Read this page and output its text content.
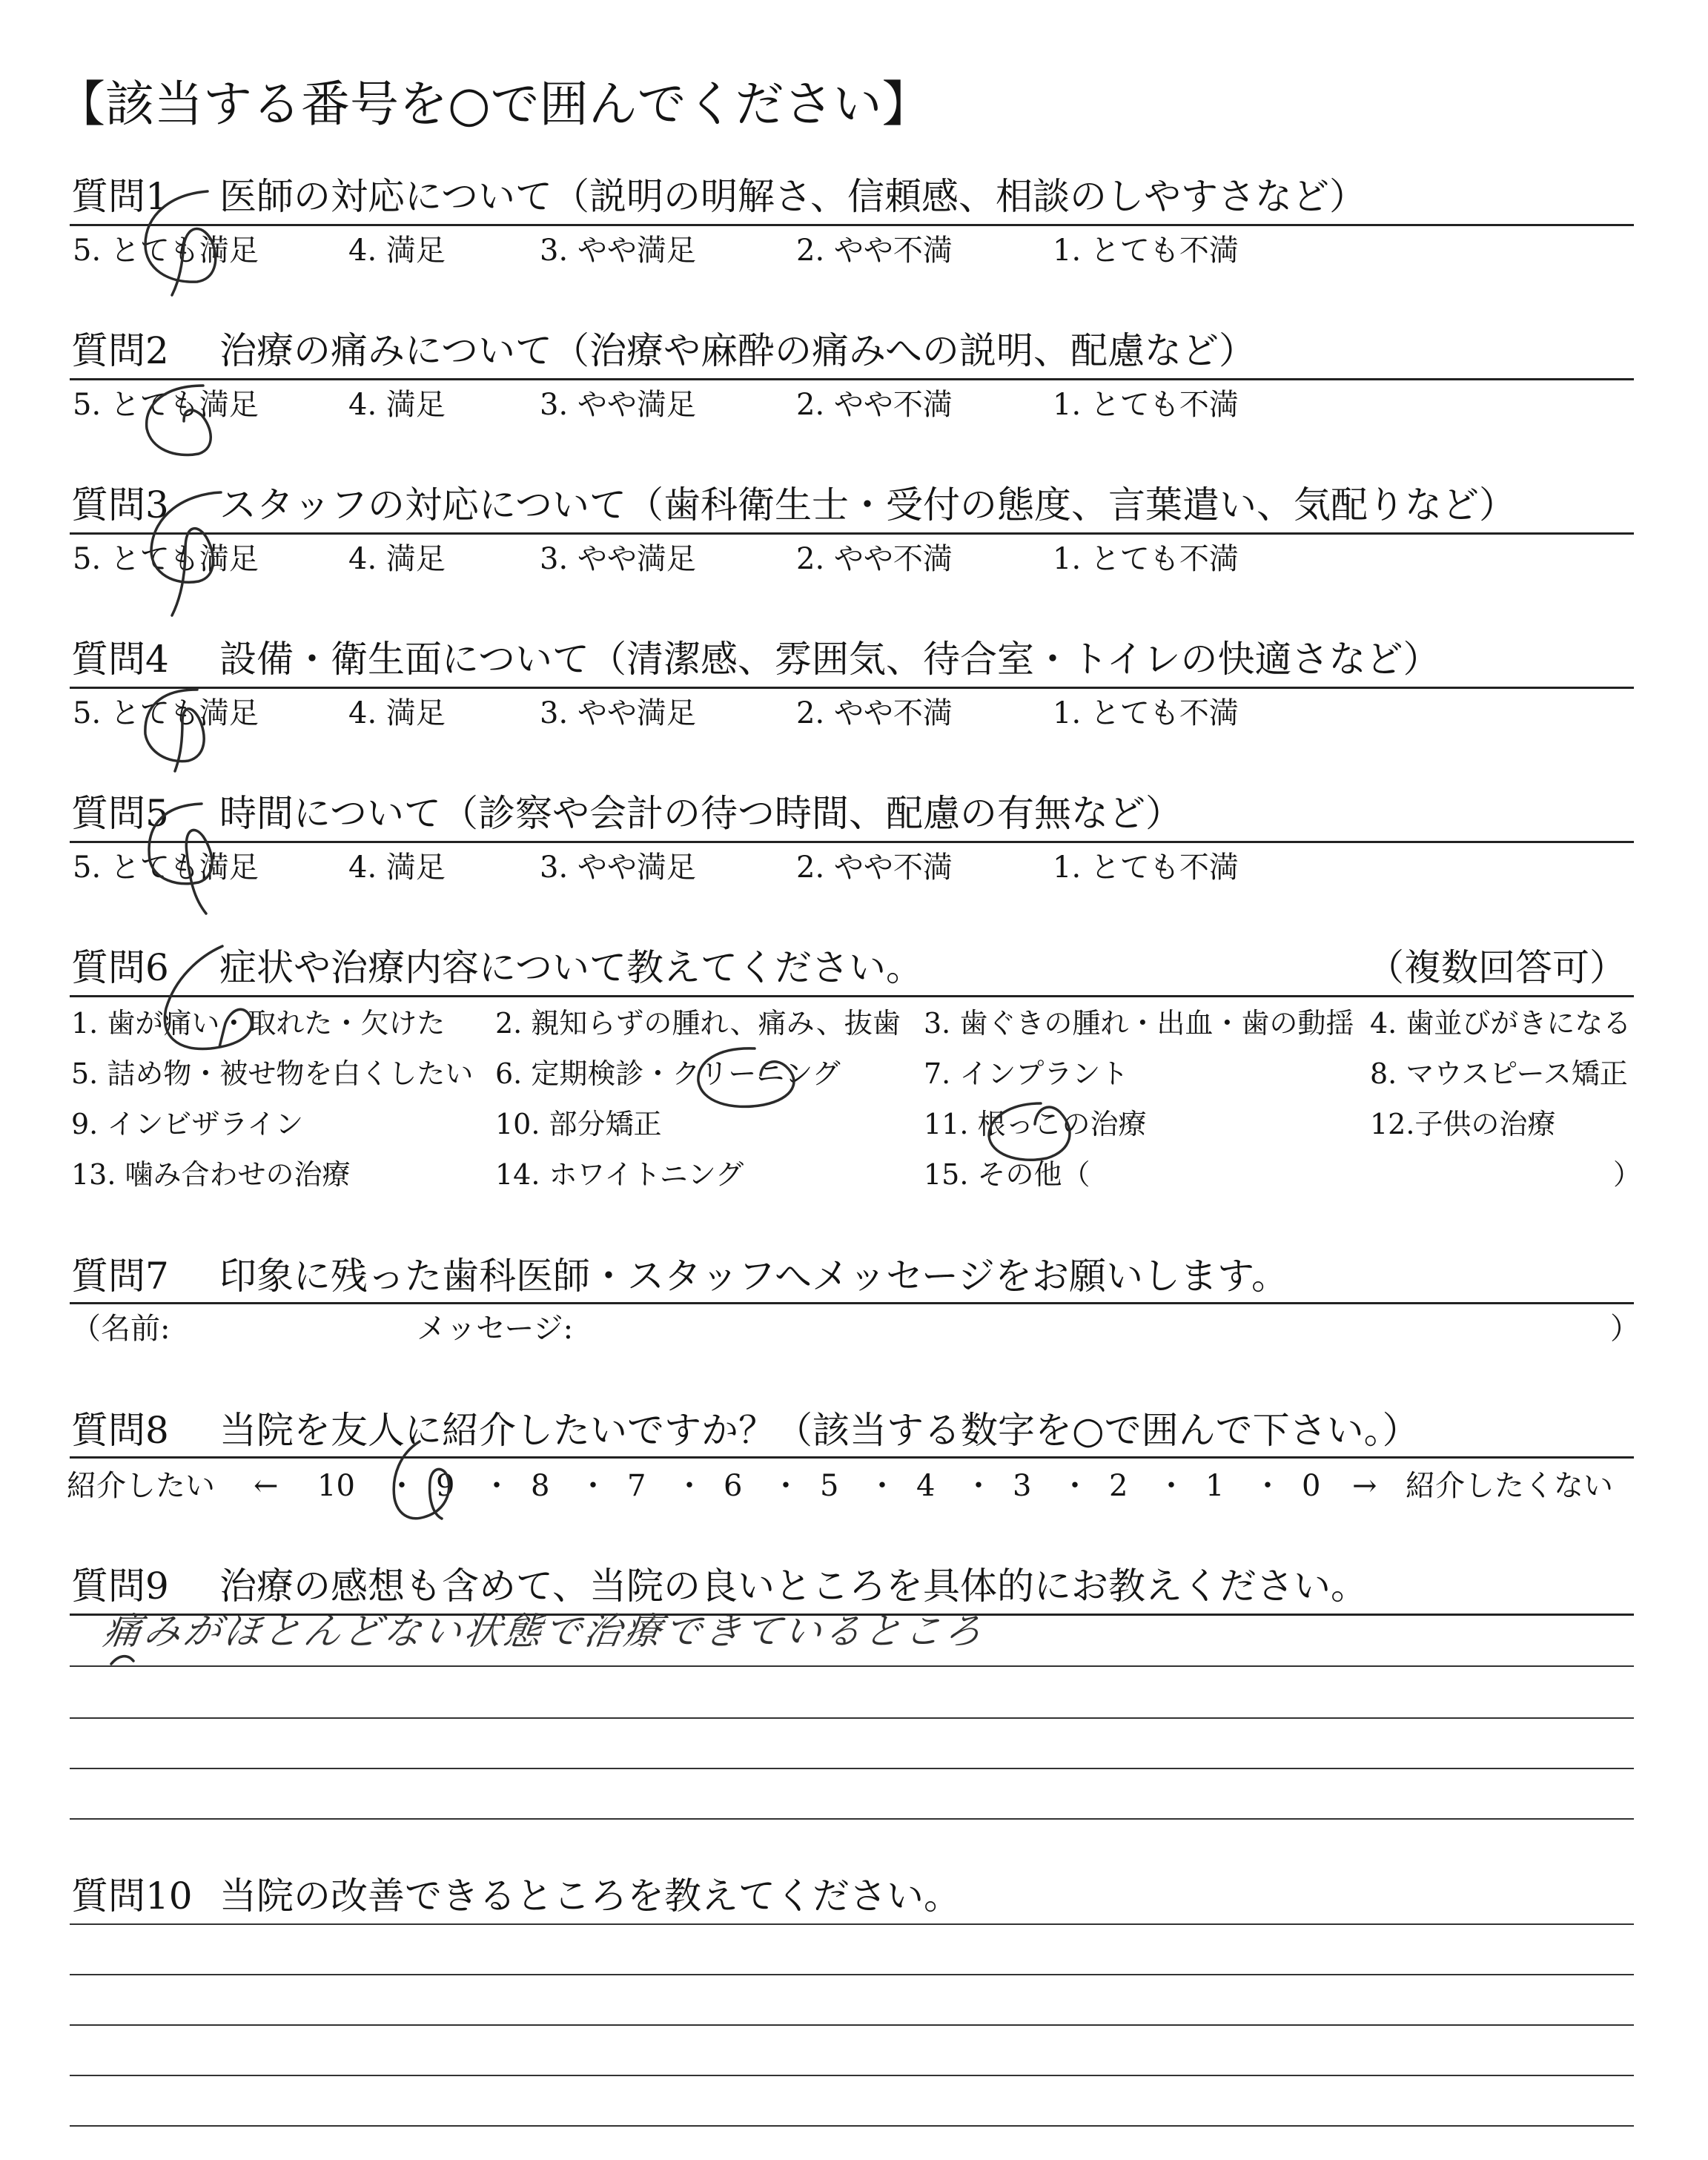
【該当する番号を○で囲んでください】
質問1 医師の対応について（説明の明解さ、信頼感、相談のしやすさなど）
5. とても満足	4. 満足	3. やや満足	2. やや不満	1. とても不満
質問2 治療の痛みについて（治療や麻酔の痛みへの説明、配慮など）
5. とても満足	4. 満足	3. やや満足	2. やや不満	1. とても不満
質問3 スタッフの対応について（歯科衛生士・受付の態度、言葉遣い、気配りなど）
5. とても満足	4. 満足	3. やや満足	2. やや不満	1. とても不満
質問4 設備・衛生面について（清潔感、雰囲気、待合室・トイレの快適さなど）
5. とても満足	4. 満足	3. やや満足	2. やや不満	1. とても不満
質問5 時間について（診察や会計の待つ時間、配慮の有無など）
5. とても満足	4. 満足	3. やや満足	2. やや不満	1. とても不満
質問6 症状や治療内容について教えてください。	（複数回答可）
1. 歯が痛い・取れた・欠けた 2. 親知らずの腫れ、痛み、抜歯 3. 歯ぐきの腫れ・出血・歯の動揺 4. 歯並びがきになる
5. 詰め物・被せ物を白くしたい 6. 定期検診・クリーニング	7. インプラント	8. マウスピース矯正
9. インビザライン	10. 部分矯正	11. 根っこの治療	12.子供の治療
13. 噛み合わせの治療	14. ホワイトニング	15. その他（	）
質問7 印象に残った歯科医師・スタッフへメッセージをお願いします。
（名前:	メッセージ:	）
質問8 当院を友人に紹介したいですか？（該当する数字を○で囲んで下さい。）
紹介したい ← 10 ・ 9 ・ 8 ・ 7 ・ 6 ・ 5 ・ 4 ・ 3 ・ 2 ・ 1 ・ 0 → 紹介したくない
質問9 治療の感想も含めて、当院の良いところを具体的にお教えください。
痛みがほとんどない状態で治療できているところ
質問10 当院の改善できるところを教えてください。
